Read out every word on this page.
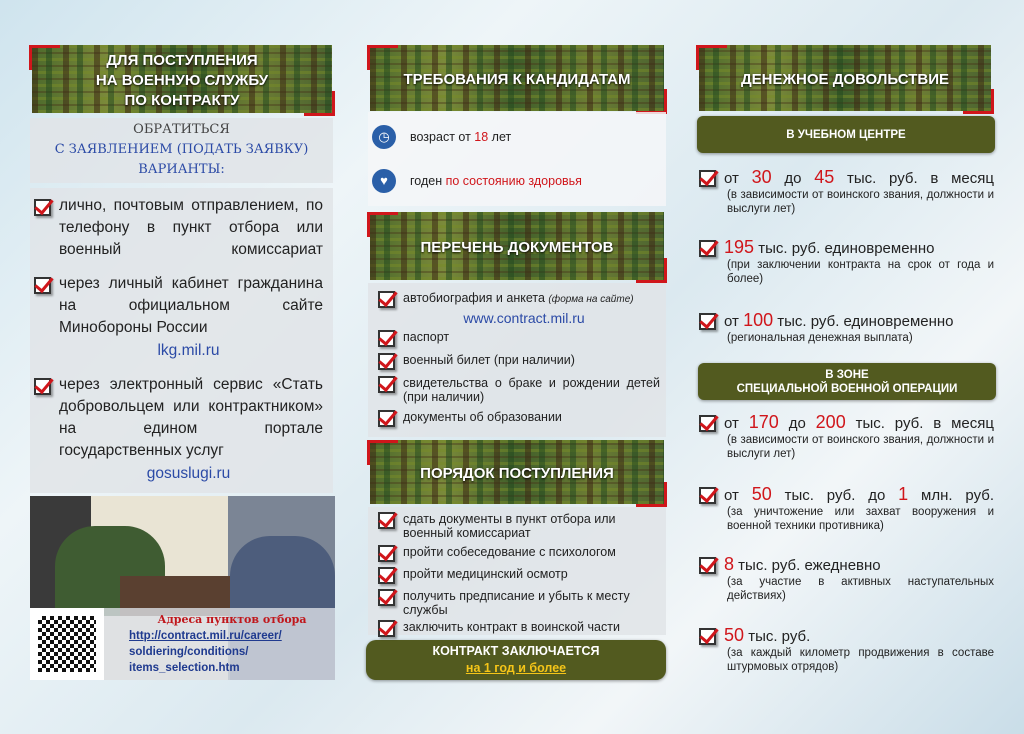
ДЛЯ ПОСТУПЛЕНИЯ
НА ВОЕННУЮ СЛУЖБУ
ПО КОНТРАКТУ
ОБРАТИТЬСЯ
С ЗАЯВЛЕНИЕМ (ПОДАТЬ ЗАЯВКУ)
ВАРИАНТЫ:
лично, почтовым отправлением, по телефону в пункт отбора или военный комиссариат
через личный кабинет гражданина на официальном сайте Минобороны России
lkg.mil.ru
через электронный сервис «Стать добровольцем или контрактником» на едином портале государственных услуг
gosuslugi.ru
Адреса пунктов отбора
http://contract.mil.ru/career/
soldiering/conditions/
items_selection.htm
ТРЕБОВАНИЯ К КАНДИДАТАМ
◷	возраст от 18 лет
♥	годен по состоянию здоровья
ПЕРЕЧЕНЬ ДОКУМЕНТОВ
автобиография и анкета (форма на сайте)
www.contract.mil.ru
паспорт
военный билет (при наличии)
свидетельства о браке и рождении детей (при наличии)
документы об образовании
ПОРЯДОК ПОСТУПЛЕНИЯ
сдать документы в пункт отбора или военный комиссариат
пройти собеседование с психологом
пройти медицинский осмотр
получить предписание и убыть к месту службы
заключить контракт в воинской части
КОНТРАКТ ЗАКЛЮЧАЕТСЯ
на 1 год и более
ДЕНЕЖНОЕ ДОВОЛЬСТВИЕ
В УЧЕБНОМ ЦЕНТРЕ
В ЗОНЕ
СПЕЦИАЛЬНОЙ ВОЕННОЙ ОПЕРАЦИИ
от 30 до 45 тыс. руб. в месяц
(в зависимости от воинского звания, должности и выслуги лет)
195 тыс. руб. единовременно
(при заключении контракта на срок от года и более)
от 100 тыс. руб. единовременно
(региональная денежная выплата)
от 170 до 200 тыс. руб. в месяц
(в зависимости от воинского звания, должности и выслуги лет)
от 50 тыс. руб. до 1 млн. руб.
(за уничтожение или захват вооружения и военной техники противника)
8 тыс. руб. ежедневно
(за участие в активных наступательных действиях)
50 тыс. руб.
(за каждый километр продвижения в составе штурмовых отрядов)
